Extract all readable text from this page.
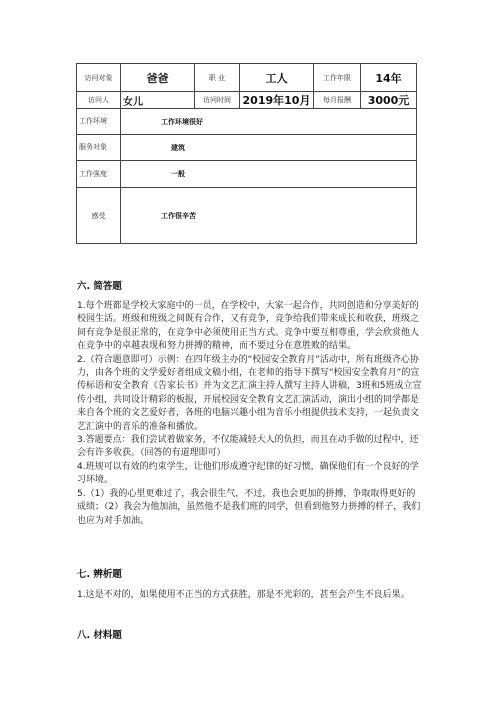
访问对象	爸爸	职 业	工人	工作年限	14年
访问人	女儿	访问时间	2019年10月	每月报酬	3000元
工作环境	工作环境很好				
服务对象	建筑				
工作强度	一般				
感受	工作很辛苦				
六. 简答题

1.每个班都是学校大家庭中的一员，在学校中，大家一起合作，共同创造和分享美好的校园生活。班级和班级之间既有合作，又有竞争，竞争给我们带来成长和收获，班级之间有竞争是很正常的，在竞争中必须使用正当方式。竞争中要互相尊重，学会欣赏他人在竞争中的卓越表现和努力拼搏的精神，而不要过分在意胜败的结果。

2.（符合题意即可）示例：在四年级主办的“校园安全教育月”活动中，所有班级齐心协力，由各个班的文学爱好者组成文稿小组，在老师的指导下撰写“校园安全教育月”的宣传标语和安全教育《告家长书》并为文艺汇演主持人撰写主持人讲稿，3班和5班成立宣传小组，共同设计精彩的板报，开展校园安全教育文艺汇演活动，演出小组的同学都是来自各个班的文艺爱好者，各班的电脑兴趣小组为音乐小组提供技术支持，一起负责文艺汇演中的音乐的准备和播放。

3.答题要点：我们尝试着做家务，不仅能减轻大人的负担，而且在动手做的过程中，还会有许多收获。（回答的有道理即可）

4.班规可以有效的约束学生，让他们形成遵守纪律的好习惯，确保他们有一个良好的学习环境。

5.（1）我的心里更难过了，我会很生气，不过，我也会更加的拼搏，争取取得更好的成绩；（2）我会为他加油，虽然他不是我们班的同学，但看到他努力拼搏的样子，我们也应为对手加油。

七. 辨析题

1.这是不对的，如果使用不正当的方式获胜，那是不光彩的，甚至会产生不良后果。

八. 材料题
